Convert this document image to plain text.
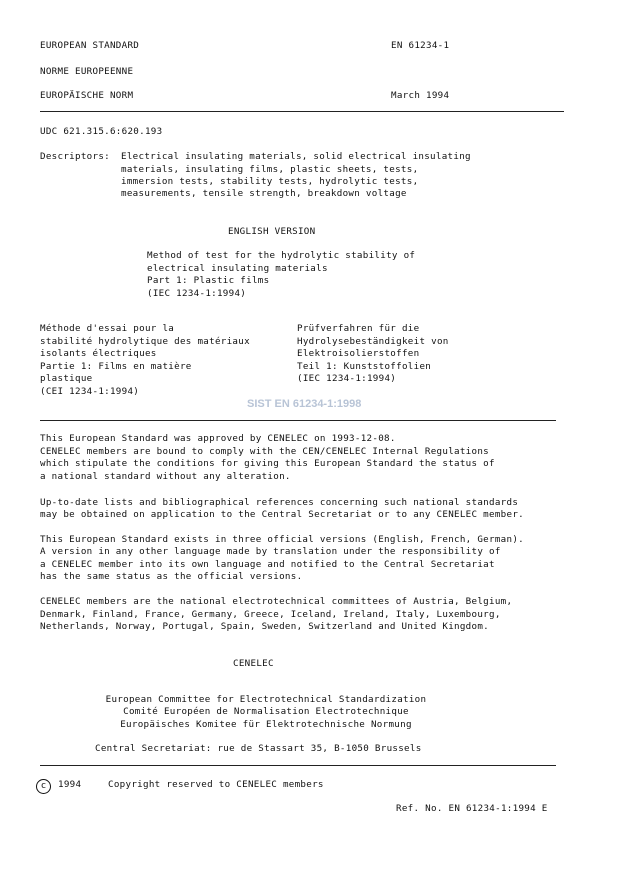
EUROPEAN STANDARD	EN 61234-1
NORME EUROPEENNE
EUROPÄISCHE NORM	March 1994
UDC 621.315.6:620.193
Descriptors: Electrical insulating materials, solid electrical insulating
materials, insulating films, plastic sheets, tests,
immersion tests, stability tests, hydrolytic tests,
measurements, tensile strength, breakdown voltage
ENGLISH VERSION
Method of test for the hydrolytic stability of
electrical insulating materials
Part 1: Plastic films
(IEC 1234-1:1994)
Méthode d'essai pour la
stabilité hydrolytique des matériaux
isolants électriques
Partie 1: Films en matière
plastique
(CEI 1234-1:1994)
Prüfverfahren für die
Hydrolysebeständigkeit von
Elektroisolierstoffen
Teil 1: Kunststoffolien
(IEC 1234-1:1994)
SIST EN 61234-1:1998
This European Standard was approved by CENELEC on 1993-12-08.
CENELEC members are bound to comply with the CEN/CENELEC Internal Regulations
which stipulate the conditions for giving this European Standard the status of
a national standard without any alteration.
Up-to-date lists and bibliographical references concerning such national standards
may be obtained on application to the Central Secretariat or to any CENELEC member.
This European Standard exists in three official versions (English, French, German).
A version in any other language made by translation under the responsibility of
a CENELEC member into its own language and notified to the Central Secretariat
has the same status as the official versions.
CENELEC members are the national electrotechnical committees of Austria, Belgium,
Denmark, Finland, France, Germany, Greece, Iceland, Ireland, Italy, Luxembourg,
Netherlands, Norway, Portugal, Spain, Sweden, Switzerland and United Kingdom.
CENELEC
European Committee for Electrotechnical Standardization
Comité Européen de Normalisation Electrotechnique
Europäisches Komitee für Elektrotechnische Normung
Central Secretariat: rue de Stassart 35, B-1050 Brussels
c	1994	Copyright reserved to CENELEC members
Ref. No. EN 61234-1:1994 E
